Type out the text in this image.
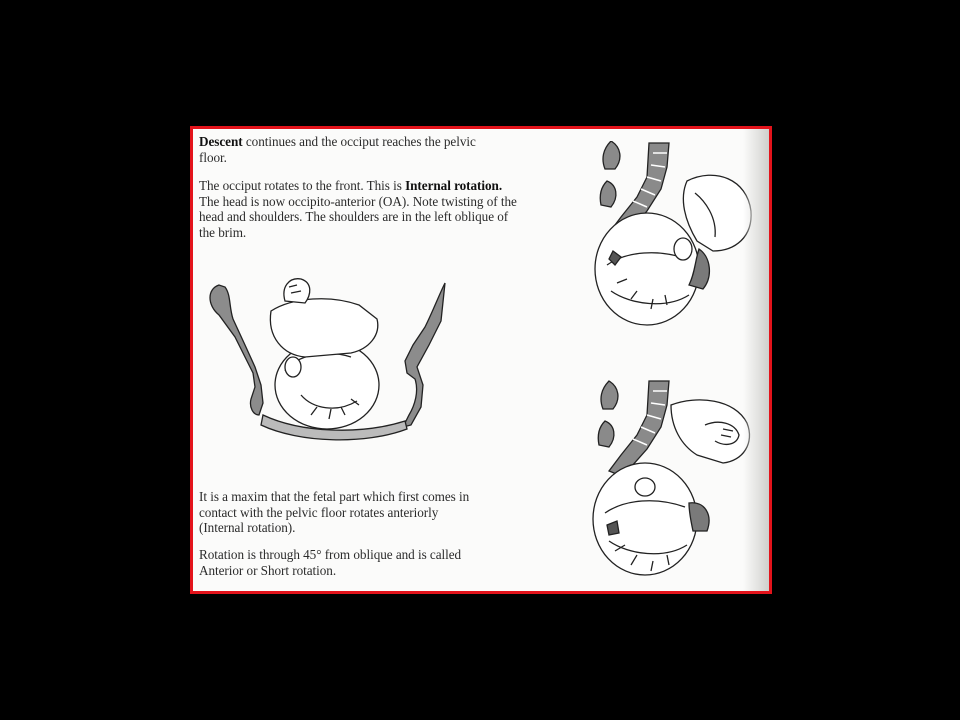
Descent continues and the occiput reaches the pelvic floor.

The occiput rotates to the front. This is Internal rotation. The head is now occipito-anterior (OA). Note twisting of the head and shoulders. The shoulders are in the left oblique of the brim.

It is a maxim that the fetal part which first comes in contact with the pelvic floor rotates anteriorly (Internal rotation).

Rotation is through 45° from oblique and is called Anterior or Short rotation.
